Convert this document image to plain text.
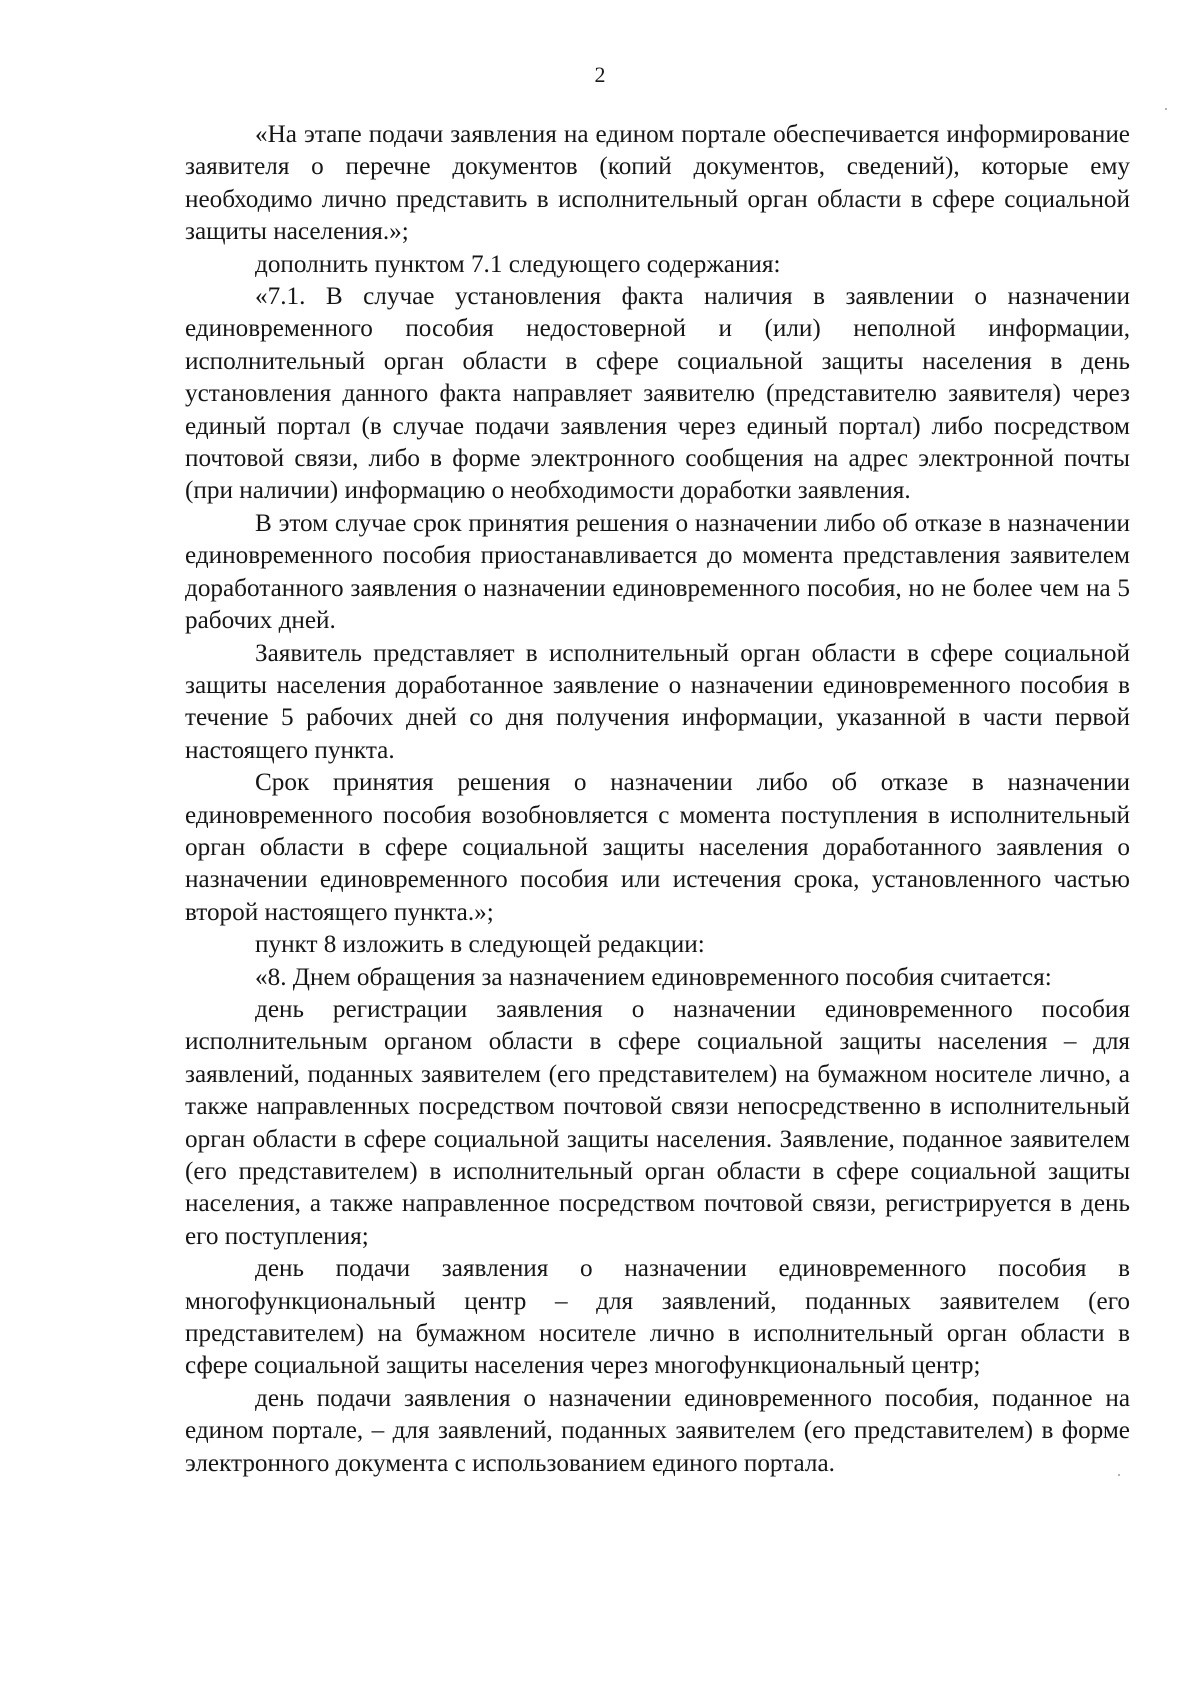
2

«На этапе подачи заявления на едином портале обеспечивается информирование заявителя о перечне документов (копий документов, сведений), которые ему необходимо лично представить в исполнительный орган области в сфере социальной защиты населения.»;

дополнить пунктом 7.1 следующего содержания:

«7.1. В случае установления факта наличия в заявлении о назначении единовременного пособия недостоверной и (или) неполной информации, исполнительный орган области в сфере социальной защиты населения в день установления данного факта направляет заявителю (представителю заявителя) через единый портал (в случае подачи заявления через единый портал) либо посредством почтовой связи, либо в форме электронного сообщения на адрес электронной почты (при наличии) информацию о необходимости доработки заявления.

В этом случае срок принятия решения о назначении либо об отказе в назначении единовременного пособия приостанавливается до момента представления заявителем доработанного заявления о назначении единовременного пособия, но не более чем на 5 рабочих дней.

Заявитель представляет в исполнительный орган области в сфере социальной защиты населения доработанное заявление о назначении единовременного пособия в течение 5 рабочих дней со дня получения информации, указанной в части первой настоящего пункта.

Срок принятия решения о назначении либо об отказе в назначении единовременного пособия возобновляется с момента поступления в исполнительный орган области в сфере социальной защиты населения доработанного заявления о назначении единовременного пособия или истечения срока, установленного частью второй настоящего пункта.»;

пункт 8 изложить в следующей редакции:

«8. Днем обращения за назначением единовременного пособия считается:

день регистрации заявления о назначении единовременного пособия исполнительным органом области в сфере социальной защиты населения – для заявлений, поданных заявителем (его представителем) на бумажном носителе лично, а также направленных посредством почтовой связи непосредственно в исполнительный орган области в сфере социальной защиты населения. Заявление, поданное заявителем (его представителем) в исполнительный орган области в сфере социальной защиты населения, а также направленное посредством почтовой связи, регистрируется в день его поступления;

день подачи заявления о назначении единовременного пособия в многофункциональный центр – для заявлений, поданных заявителем (его представителем) на бумажном носителе лично в исполнительный орган области в сфере социальной защиты населения через многофункциональный центр;

день подачи заявления о назначении единовременного пособия, поданное на едином портале, – для заявлений, поданных заявителем (его представителем) в форме электронного документа с использованием единого портала.
